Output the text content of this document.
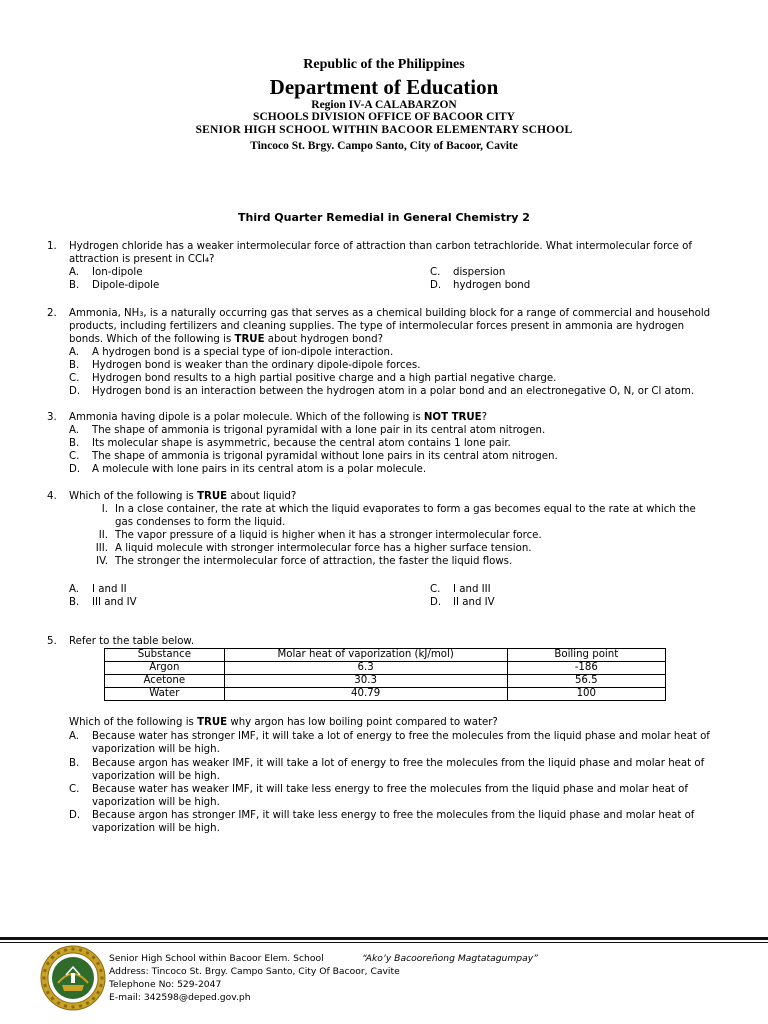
Republic of the Philippines
Department of Education
Region IV-A CALABARZON
SCHOOLS DIVISION OFFICE OF BACOOR CITY
SENIOR HIGH SCHOOL WITHIN BACOOR ELEMENTARY SCHOOL
Tincoco St. Brgy. Campo Santo, City of Bacoor, Cavite
Third Quarter Remedial in General Chemistry 2
1. Hydrogen chloride has a weaker intermolecular force of attraction than carbon tetrachloride. What intermolecular force of attraction is present in CCl₄?
A. Ion-dipole
B. Dipole-dipole
C. dispersion
D. hydrogen bond
2. Ammonia, NH₃, is a naturally occurring gas that serves as a chemical building block for a range of commercial and household products, including fertilizers and cleaning supplies. The type of intermolecular forces present in ammonia are hydrogen bonds. Which of the following is TRUE about hydrogen bond?
A. A hydrogen bond is a special type of ion-dipole interaction.
B. Hydrogen bond is weaker than the ordinary dipole-dipole forces.
C. Hydrogen bond results to a high partial positive charge and a high partial negative charge.
D. Hydrogen bond is an interaction between the hydrogen atom in a polar bond and an electronegative O, N, or Cl atom.
3. Ammonia having dipole is a polar molecule. Which of the following is NOT TRUE?
A. The shape of ammonia is trigonal pyramidal with a lone pair in its central atom nitrogen.
B. Its molecular shape is asymmetric, because the central atom contains 1 lone pair.
C. The shape of ammonia is trigonal pyramidal without lone pairs in its central atom nitrogen.
D. A molecule with lone pairs in its central atom is a polar molecule.
4. Which of the following is TRUE about liquid?
I. In a close container, the rate at which the liquid evaporates to form a gas becomes equal to the rate at which the gas condenses to form the liquid.
II. The vapor pressure of a liquid is higher when it has a stronger intermolecular force.
III. A liquid molecule with stronger intermolecular force has a higher surface tension.
IV. The stronger the intermolecular force of attraction, the faster the liquid flows.
A. I and II
B. III and IV
C. I and III
D. II and IV
5. Refer to the table below.
Substance	Molar heat of vaporization (kJ/mol)	Boiling point
Argon	6.3	-186
Acetone	30.3	56.5
Water	40.79	100
Which of the following is TRUE why argon has low boiling point compared to water?
A. Because water has stronger IMF, it will take a lot of energy to free the molecules from the liquid phase and molar heat of vaporization will be high.
B. Because argon has weaker IMF, it will take a lot of energy to free the molecules from the liquid phase and molar heat of vaporization will be high.
C. Because water has weaker IMF, it will take less energy to free the molecules from the liquid phase and molar heat of vaporization will be high.
D. Because argon has stronger IMF, it will take less energy to free the molecules from the liquid phase and molar heat of vaporization will be high.
Senior High School within Bacoor Elem. School	“Ako’y Bacooreñong Magtatagumpay”
Address: Tincoco St. Brgy. Campo Santo, City Of Bacoor, Cavite
Telephone No: 529-2047
E-mail: 342598@deped.gov.ph
